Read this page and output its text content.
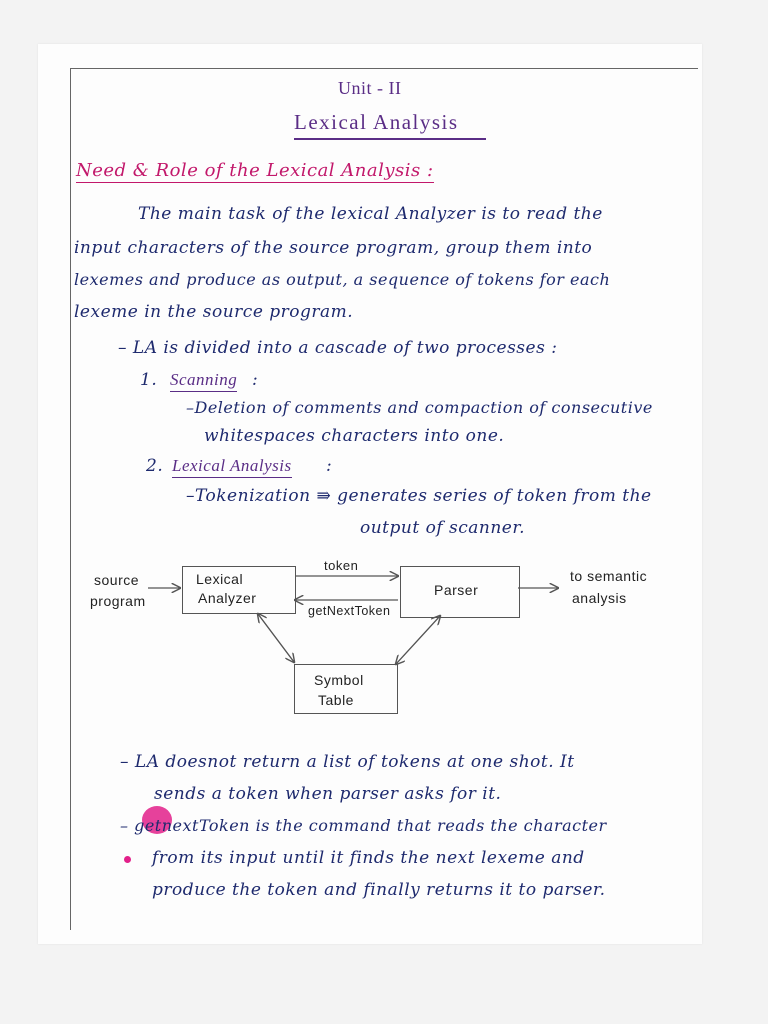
Unit - II
Lexical Analysis
Need & Role of the Lexical Analysis :
The main task of the lexical Analyzer is to read the
input characters of the source program, group them into
lexemes and produce as output, a sequence of tokens for each
lexeme in the source program.
– LA is divided into a cascade of two processes :
1. Scanning :
–Deletion of comments and compaction of consecutive
whitespaces characters into one.
2. Lexical Analysis :
–Tokenization ⇛ generates series of token from the
output of scanner.
source
program
Lexical
Analyzer
token
getNextToken
Parser
to semantic
analysis
Symbol
Table
– LA doesnot return a list of tokens at one shot. It
sends a token when parser asks for it.
– getnextToken is the command that reads the character
from its input until it finds the next lexeme and
produce the token and finally returns it to parser.
